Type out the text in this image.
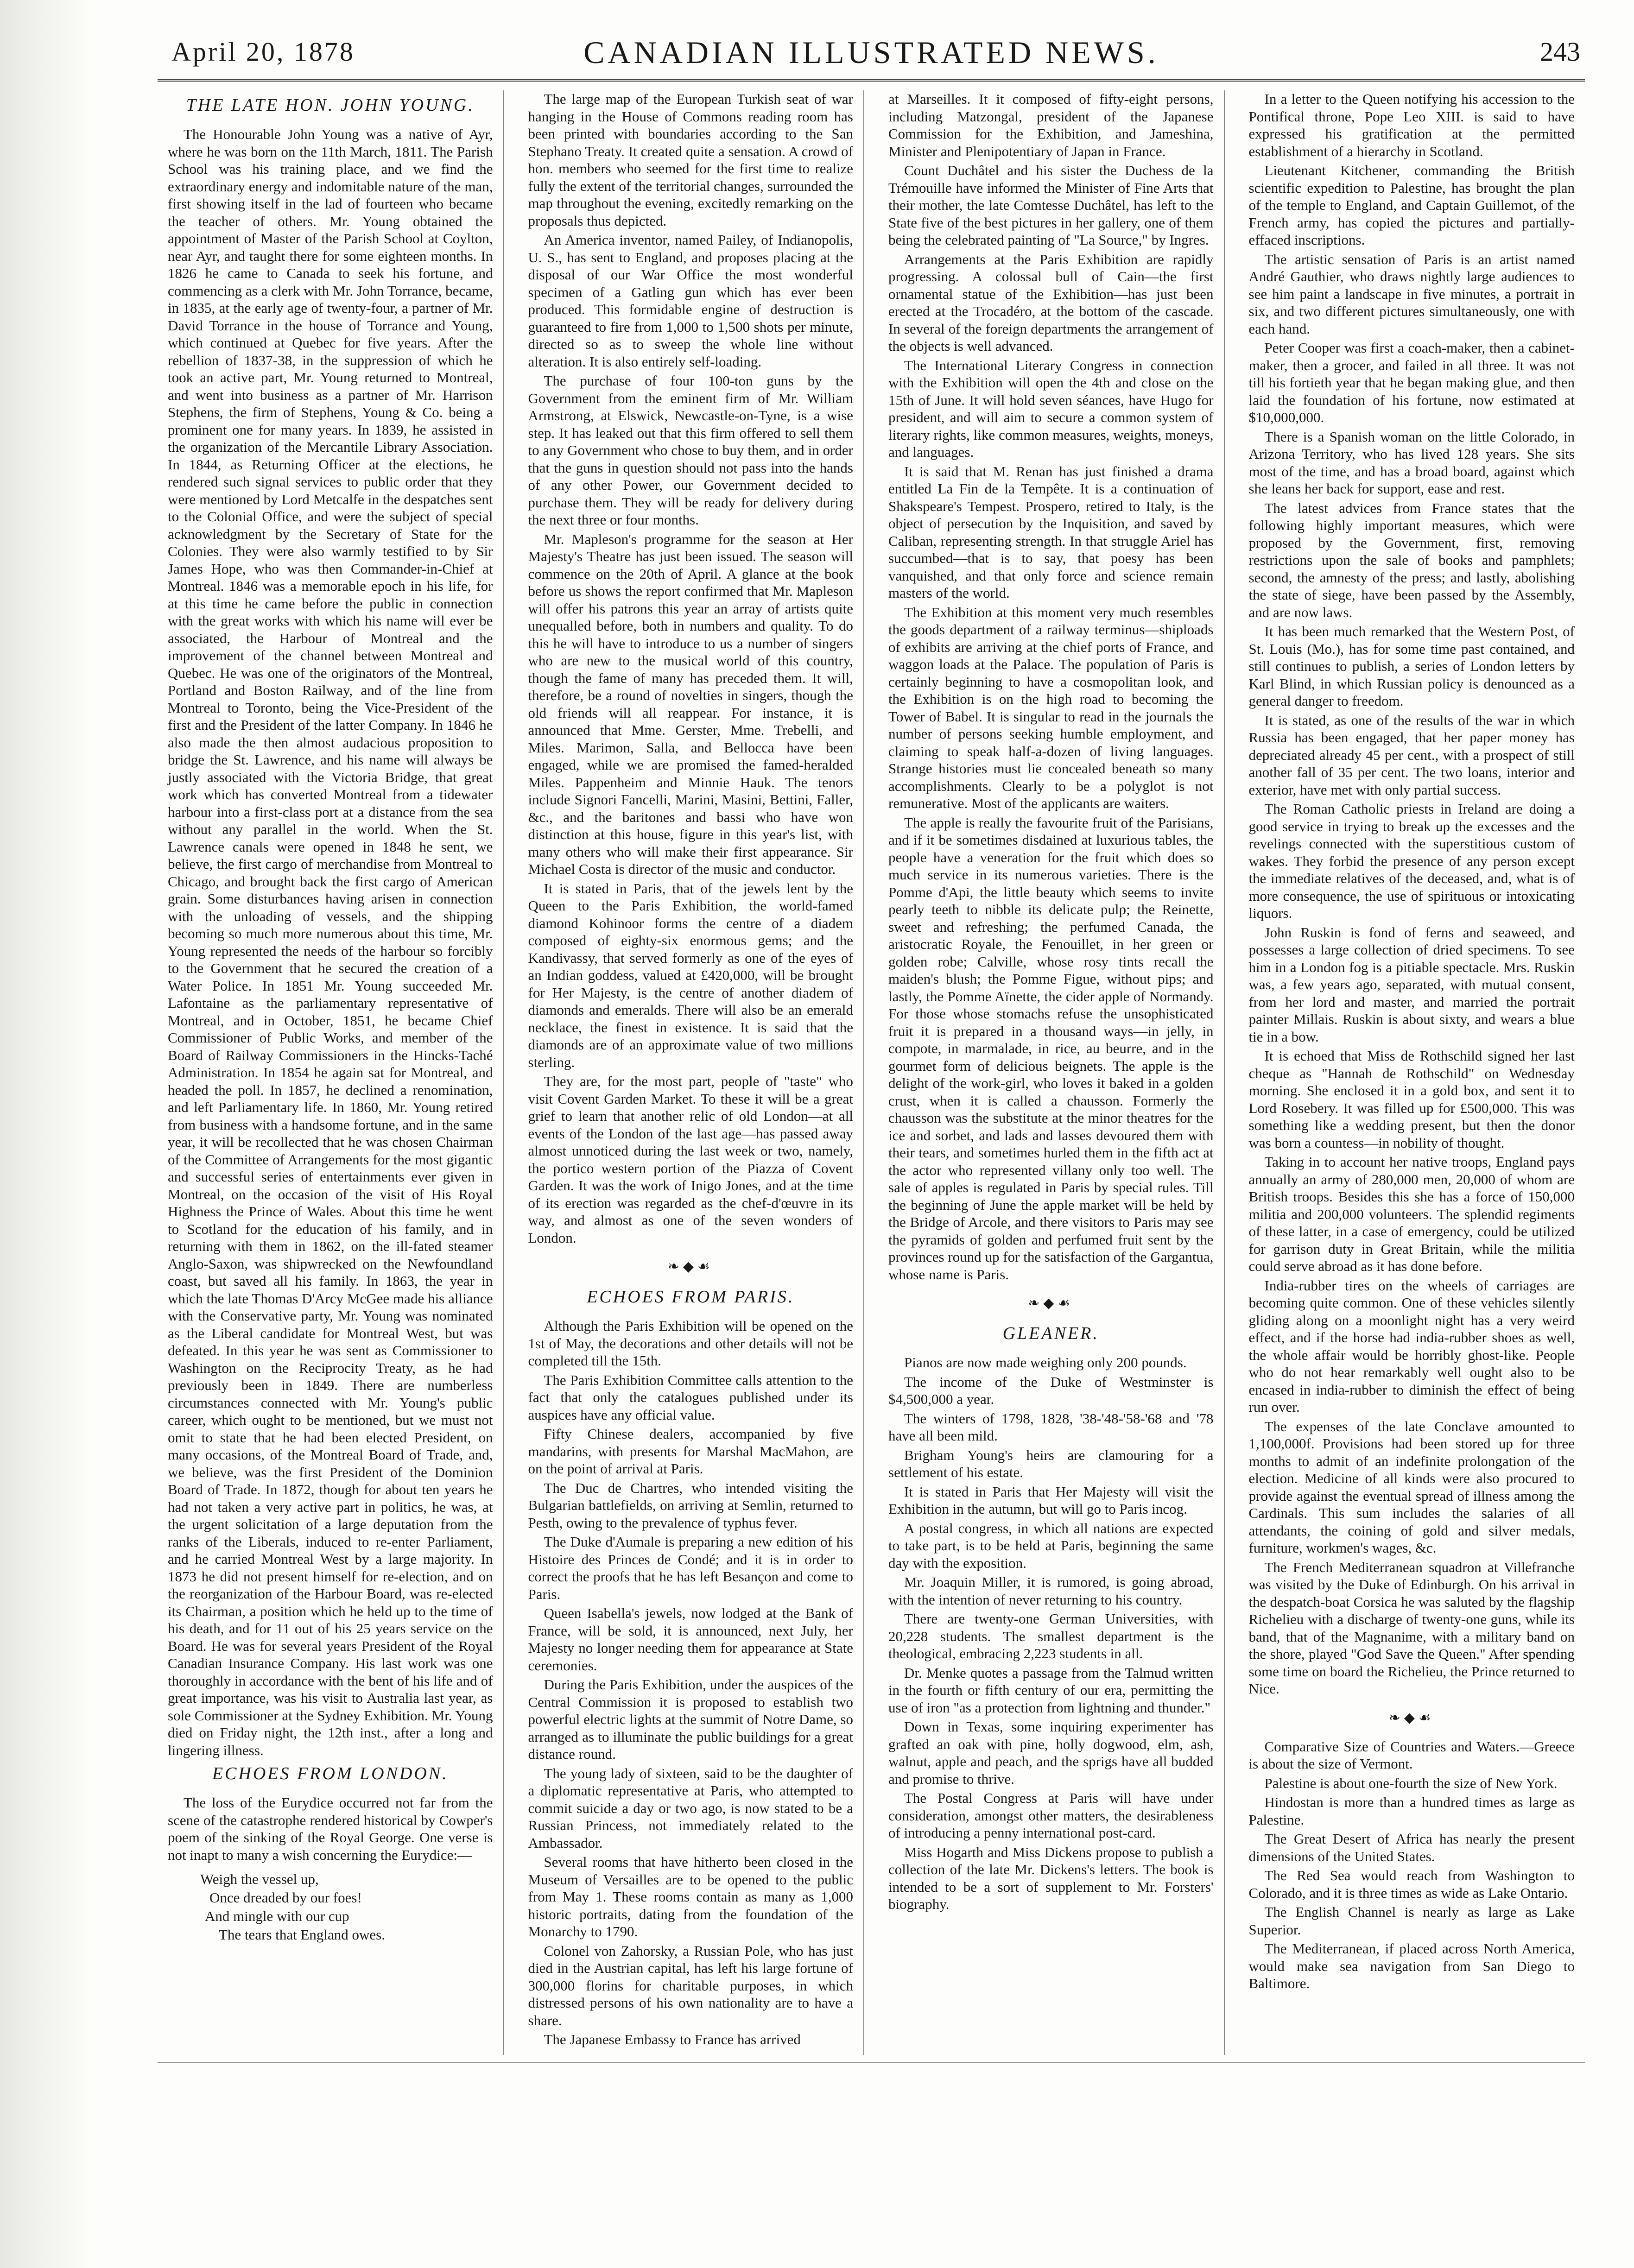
April 20, 1878	CANADIAN ILLUSTRATED NEWS.	243
THE LATE HON. JOHN YOUNG.

The Honourable John Young was a native of Ayr, where he was born on the 11th March, 1811. The Parish School was his training place, and we find the extraordinary energy and indomitable nature of the man, first showing itself in the lad of fourteen who became the teacher of others. Mr. Young obtained the appointment of Master of the Parish School at Coylton, near Ayr, and taught there for some eighteen months. In 1826 he came to Canada to seek his fortune, and commencing as a clerk with Mr. John Torrance, became, in 1835, at the early age of twenty-four, a partner of Mr. David Torrance in the house of Torrance and Young, which continued at Quebec for five years. After the rebellion of 1837-38, in the suppression of which he took an active part, Mr. Young returned to Montreal, and went into business as a partner of Mr. Harrison Stephens, the firm of Stephens, Young & Co. being a prominent one for many years. In 1839, he assisted in the organization of the Mercantile Library Association. In 1844, as Returning Officer at the elections, he rendered such signal services to public order that they were mentioned by Lord Metcalfe in the despatches sent to the Colonial Office, and were the subject of special acknowledgment by the Secretary of State for the Colonies. They were also warmly testified to by Sir James Hope, who was then Commander-in-Chief at Montreal. 1846 was a memorable epoch in his life, for at this time he came before the public in connection with the great works with which his name will ever be associated, the Harbour of Montreal and the improvement of the channel between Montreal and Quebec. He was one of the originators of the Montreal, Portland and Boston Railway, and of the line from Montreal to Toronto, being the Vice-President of the first and the President of the latter Company. In 1846 he also made the then almost audacious proposition to bridge the St. Lawrence, and his name will always be justly associated with the Victoria Bridge, that great work which has converted Montreal from a tidewater harbour into a first-class port at a distance from the sea without any parallel in the world. When the St. Lawrence canals were opened in 1848 he sent, we believe, the first cargo of merchandise from Montreal to Chicago, and brought back the first cargo of American grain. Some disturbances having arisen in connection with the unloading of vessels, and the shipping becoming so much more numerous about this time, Mr. Young represented the needs of the harbour so forcibly to the Government that he secured the creation of a Water Police. In 1851 Mr. Young succeeded Mr. Lafontaine as the parliamentary representative of Montreal, and in October, 1851, he became Chief Commissioner of Public Works, and member of the Board of Railway Commissioners in the Hincks-Taché Administration. In 1854 he again sat for Montreal, and headed the poll. In 1857, he declined a renomination, and left Parliamentary life. In 1860, Mr. Young retired from business with a handsome fortune, and in the same year, it will be recollected that he was chosen Chairman of the Committee of Arrangements for the most gigantic and successful series of entertainments ever given in Montreal, on the occasion of the visit of His Royal Highness the Prince of Wales. About this time he went to Scotland for the education of his family, and in returning with them in 1862, on the ill-fated steamer Anglo-Saxon, was shipwrecked on the Newfoundland coast, but saved all his family. In 1863, the year in which the late Thomas D'Arcy McGee made his alliance with the Conservative party, Mr. Young was nominated as the Liberal candidate for Montreal West, but was defeated. In this year he was sent as Commissioner to Washington on the Reciprocity Treaty, as he had previously been in 1849. There are numberless circumstances connected with Mr. Young's public career, which ought to be mentioned, but we must not omit to state that he had been elected President, on many occasions, of the Montreal Board of Trade, and, we believe, was the first President of the Dominion Board of Trade. In 1872, though for about ten years he had not taken a very active part in politics, he was, at the urgent solicitation of a large deputation from the ranks of the Liberals, induced to re-enter Parliament, and he carried Montreal West by a large majority. In 1873 he did not present himself for re-election, and on the reorganization of the Harbour Board, was re-elected its Chairman, a position which he held up to the time of his death, and for 11 out of his 25 years service on the Board. He was for several years President of the Royal Canadian Insurance Company. His last work was one thoroughly in accordance with the bent of his life and of great importance, was his visit to Australia last year, as sole Commissioner at the Sydney Exhibition. Mr. Young died on Friday night, the 12th inst., after a long and lingering illness.

ECHOES FROM LONDON.

The loss of the Eurydice occurred not far from the scene of the catastrophe rendered historical by Cowper's poem of the sinking of the Royal George. One verse is not inapt to many a wish concerning the Eurydice:—

Weigh the vessel up,
Once dreaded by our foes!
And mingle with our cup
The tears that England owes.

The large map of the European Turkish seat of war hanging in the House of Commons reading room has been printed with boundaries according to the San Stephano Treaty. It created quite a sensation. A crowd of hon. members who seemed for the first time to realize fully the extent of the territorial changes, surrounded the map throughout the evening, excitedly remarking on the proposals thus depicted.

An America inventor, named Pailey, of Indianopolis, U. S., has sent to England, and proposes placing at the disposal of our War Office the most wonderful specimen of a Gatling gun which has ever been produced. This formidable engine of destruction is guaranteed to fire from 1,000 to 1,500 shots per minute, directed so as to sweep the whole line without alteration. It is also entirely self-loading.

The purchase of four 100-ton guns by the Government from the eminent firm of Mr. William Armstrong, at Elswick, Newcastle-on-Tyne, is a wise step. It has leaked out that this firm offered to sell them to any Government who chose to buy them, and in order that the guns in question should not pass into the hands of any other Power, our Government decided to purchase them. They will be ready for delivery during the next three or four months.

Mr. Mapleson's programme for the season at Her Majesty's Theatre has just been issued. The season will commence on the 20th of April. A glance at the book before us shows the report confirmed that Mr. Mapleson will offer his patrons this year an array of artists quite unequalled before, both in numbers and quality. To do this he will have to introduce to us a number of singers who are new to the musical world of this country, though the fame of many has preceded them. It will, therefore, be a round of novelties in singers, though the old friends will all reappear. For instance, it is announced that Mme. Gerster, Mme. Trebelli, and Miles. Marimon, Salla, and Bellocca have been engaged, while we are promised the famed-heralded Miles. Pappenheim and Minnie Hauk. The tenors include Signori Fancelli, Marini, Masini, Bettini, Faller, &c., and the baritones and bassi who have won distinction at this house, figure in this year's list, with many others who will make their first appearance. Sir Michael Costa is director of the music and conductor.

It is stated in Paris, that of the jewels lent by the Queen to the Paris Exhibition, the world-famed diamond Kohinoor forms the centre of a diadem composed of eighty-six enormous gems; and the Kandivassy, that served formerly as one of the eyes of an Indian goddess, valued at £420,000, will be brought for Her Majesty, is the centre of another diadem of diamonds and emeralds. There will also be an emerald necklace, the finest in existence. It is said that the diamonds are of an approximate value of two millions sterling.

They are, for the most part, people of "taste" who visit Covent Garden Market. To these it will be a great grief to learn that another relic of old London—at all events of the London of the last age—has passed away almost unnoticed during the last week or two, namely, the portico western portion of the Piazza of Covent Garden. It was the work of Inigo Jones, and at the time of its erection was regarded as the chef-d'œuvre in its way, and almost as one of the seven wonders of London.

❧◆☙
ECHOES FROM PARIS.

Although the Paris Exhibition will be opened on the 1st of May, the decorations and other details will not be completed till the 15th.

The Paris Exhibition Committee calls attention to the fact that only the catalogues published under its auspices have any official value.

Fifty Chinese dealers, accompanied by five mandarins, with presents for Marshal MacMahon, are on the point of arrival at Paris.

The Duc de Chartres, who intended visiting the Bulgarian battlefields, on arriving at Semlin, returned to Pesth, owing to the prevalence of typhus fever.

The Duke d'Aumale is preparing a new edition of his Histoire des Princes de Condé; and it is in order to correct the proofs that he has left Besançon and come to Paris.

Queen Isabella's jewels, now lodged at the Bank of France, will be sold, it is announced, next July, her Majesty no longer needing them for appearance at State ceremonies.

During the Paris Exhibition, under the auspices of the Central Commission it is proposed to establish two powerful electric lights at the summit of Notre Dame, so arranged as to illuminate the public buildings for a great distance round.

The young lady of sixteen, said to be the daughter of a diplomatic representative at Paris, who attempted to commit suicide a day or two ago, is now stated to be a Russian Princess, not immediately related to the Ambassador.

Several rooms that have hitherto been closed in the Museum of Versailles are to be opened to the public from May 1. These rooms contain as many as 1,000 historic portraits, dating from the foundation of the Monarchy to 1790.

Colonel von Zahorsky, a Russian Pole, who has just died in the Austrian capital, has left his large fortune of 300,000 florins for charitable purposes, in which distressed persons of his own nationality are to have a share.

The Japanese Embassy to France has arrived

at Marseilles. It it composed of fifty-eight persons, including Matzongal, president of the Japanese Commission for the Exhibition, and Jameshina, Minister and Plenipotentiary of Japan in France.

Count Duchâtel and his sister the Duchess de la Trémouille have informed the Minister of Fine Arts that their mother, the late Comtesse Duchâtel, has left to the State five of the best pictures in her gallery, one of them being the celebrated painting of "La Source," by Ingres.

Arrangements at the Paris Exhibition are rapidly progressing. A colossal bull of Cain—the first ornamental statue of the Exhibition—has just been erected at the Trocadéro, at the bottom of the cascade. In several of the foreign departments the arrangement of the objects is well advanced.

The International Literary Congress in connection with the Exhibition will open the 4th and close on the 15th of June. It will hold seven séances, have Hugo for president, and will aim to secure a common system of literary rights, like common measures, weights, moneys, and languages.

It is said that M. Renan has just finished a drama entitled La Fin de la Tempête. It is a continuation of Shakspeare's Tempest. Prospero, retired to Italy, is the object of persecution by the Inquisition, and saved by Caliban, representing strength. In that struggle Ariel has succumbed—that is to say, that poesy has been vanquished, and that only force and science remain masters of the world.

The Exhibition at this moment very much resembles the goods department of a railway terminus—shiploads of exhibits are arriving at the chief ports of France, and waggon loads at the Palace. The population of Paris is certainly beginning to have a cosmopolitan look, and the Exhibition is on the high road to becoming the Tower of Babel. It is singular to read in the journals the number of persons seeking humble employment, and claiming to speak half-a-dozen of living languages. Strange histories must lie concealed beneath so many accomplishments. Clearly to be a polyglot is not remunerative. Most of the applicants are waiters.

The apple is really the favourite fruit of the Parisians, and if it be sometimes disdained at luxurious tables, the people have a veneration for the fruit which does so much service in its numerous varieties. There is the Pomme d'Api, the little beauty which seems to invite pearly teeth to nibble its delicate pulp; the Reinette, sweet and refreshing; the perfumed Canada, the aristocratic Royale, the Fenouillet, in her green or golden robe; Calville, whose rosy tints recall the maiden's blush; the Pomme Figue, without pips; and lastly, the Pomme Aïnette, the cider apple of Normandy. For those whose stomachs refuse the unsophisticated fruit it is prepared in a thousand ways—in jelly, in compote, in marmalade, in rice, au beurre, and in the gourmet form of delicious beignets. The apple is the delight of the work-girl, who loves it baked in a golden crust, when it is called a chausson. Formerly the chausson was the substitute at the minor theatres for the ice and sorbet, and lads and lasses devoured them with their tears, and sometimes hurled them in the fifth act at the actor who represented villany only too well. The sale of apples is regulated in Paris by special rules. Till the beginning of June the apple market will be held by the Bridge of Arcole, and there visitors to Paris may see the pyramids of golden and perfumed fruit sent by the provinces round up for the satisfaction of the Gargantua, whose name is Paris.

❧◆☙
GLEANER.

Pianos are now made weighing only 200 pounds.

The income of the Duke of Westminster is $4,500,000 a year.

The winters of 1798, 1828, '38-'48-'58-'68 and '78 have all been mild.

Brigham Young's heirs are clamouring for a settlement of his estate.

It is stated in Paris that Her Majesty will visit the Exhibition in the autumn, but will go to Paris incog.

A postal congress, in which all nations are expected to take part, is to be held at Paris, beginning the same day with the exposition.

Mr. Joaquin Miller, it is rumored, is going abroad, with the intention of never returning to his country.

There are twenty-one German Universities, with 20,228 students. The smallest department is the theological, embracing 2,223 students in all.

Dr. Menke quotes a passage from the Talmud written in the fourth or fifth century of our era, permitting the use of iron "as a protection from lightning and thunder."

Down in Texas, some inquiring experimenter has grafted an oak with pine, holly dogwood, elm, ash, walnut, apple and peach, and the sprigs have all budded and promise to thrive.

The Postal Congress at Paris will have under consideration, amongst other matters, the desirableness of introducing a penny international post-card.

Miss Hogarth and Miss Dickens propose to publish a collection of the late Mr. Dickens's letters. The book is intended to be a sort of supplement to Mr. Forsters' biography.

In a letter to the Queen notifying his accession to the Pontifical throne, Pope Leo XIII. is said to have expressed his gratification at the permitted establishment of a hierarchy in Scotland.

Lieutenant Kitchener, commanding the British scientific expedition to Palestine, has brought the plan of the temple to England, and Captain Guillemot, of the French army, has copied the pictures and partially-effaced inscriptions.

The artistic sensation of Paris is an artist named André Gauthier, who draws nightly large audiences to see him paint a landscape in five minutes, a portrait in six, and two different pictures simultaneously, one with each hand.

Peter Cooper was first a coach-maker, then a cabinet-maker, then a grocer, and failed in all three. It was not till his fortieth year that he began making glue, and then laid the foundation of his fortune, now estimated at $10,000,000.

There is a Spanish woman on the little Colorado, in Arizona Territory, who has lived 128 years. She sits most of the time, and has a broad board, against which she leans her back for support, ease and rest.

The latest advices from France states that the following highly important measures, which were proposed by the Government, first, removing restrictions upon the sale of books and pamphlets; second, the amnesty of the press; and lastly, abolishing the state of siege, have been passed by the Assembly, and are now laws.

It has been much remarked that the Western Post, of St. Louis (Mo.), has for some time past contained, and still continues to publish, a series of London letters by Karl Blind, in which Russian policy is denounced as a general danger to freedom.

It is stated, as one of the results of the war in which Russia has been engaged, that her paper money has depreciated already 45 per cent., with a prospect of still another fall of 35 per cent. The two loans, interior and exterior, have met with only partial success.

The Roman Catholic priests in Ireland are doing a good service in trying to break up the excesses and the revelings connected with the superstitious custom of wakes. They forbid the presence of any person except the immediate relatives of the deceased, and, what is of more consequence, the use of spirituous or intoxicating liquors.

John Ruskin is fond of ferns and seaweed, and possesses a large collection of dried specimens. To see him in a London fog is a pitiable spectacle. Mrs. Ruskin was, a few years ago, separated, with mutual consent, from her lord and master, and married the portrait painter Millais. Ruskin is about sixty, and wears a blue tie in a bow.

It is echoed that Miss de Rothschild signed her last cheque as "Hannah de Rothschild" on Wednesday morning. She enclosed it in a gold box, and sent it to Lord Rosebery. It was filled up for £500,000. This was something like a wedding present, but then the donor was born a countess—in nobility of thought.

Taking in to account her native troops, England pays annually an army of 280,000 men, 20,000 of whom are British troops. Besides this she has a force of 150,000 militia and 200,000 volunteers. The splendid regiments of these latter, in a case of emergency, could be utilized for garrison duty in Great Britain, while the militia could serve abroad as it has done before.

India-rubber tires on the wheels of carriages are becoming quite common. One of these vehicles silently gliding along on a moonlight night has a very weird effect, and if the horse had india-rubber shoes as well, the whole affair would be horribly ghost-like. People who do not hear remarkably well ought also to be encased in india-rubber to diminish the effect of being run over.

The expenses of the late Conclave amounted to 1,100,000f. Provisions had been stored up for three months to admit of an indefinite prolongation of the election. Medicine of all kinds were also procured to provide against the eventual spread of illness among the Cardinals. This sum includes the salaries of all attendants, the coining of gold and silver medals, furniture, workmen's wages, &c.

The French Mediterranean squadron at Villefranche was visited by the Duke of Edinburgh. On his arrival in the despatch-boat Corsica he was saluted by the flagship Richelieu with a discharge of twenty-one guns, while its band, that of the Magnanime, with a military band on the shore, played "God Save the Queen." After spending some time on board the Richelieu, the Prince returned to Nice.

❧◆☙

Comparative Size of Countries and Waters.—Greece is about the size of Vermont.

Palestine is about one-fourth the size of New York.

Hindostan is more than a hundred times as large as Palestine.

The Great Desert of Africa has nearly the present dimensions of the United States.

The Red Sea would reach from Washington to Colorado, and it is three times as wide as Lake Ontario.

The English Channel is nearly as large as Lake Superior.

The Mediterranean, if placed across North America, would make sea navigation from San Diego to Baltimore.
